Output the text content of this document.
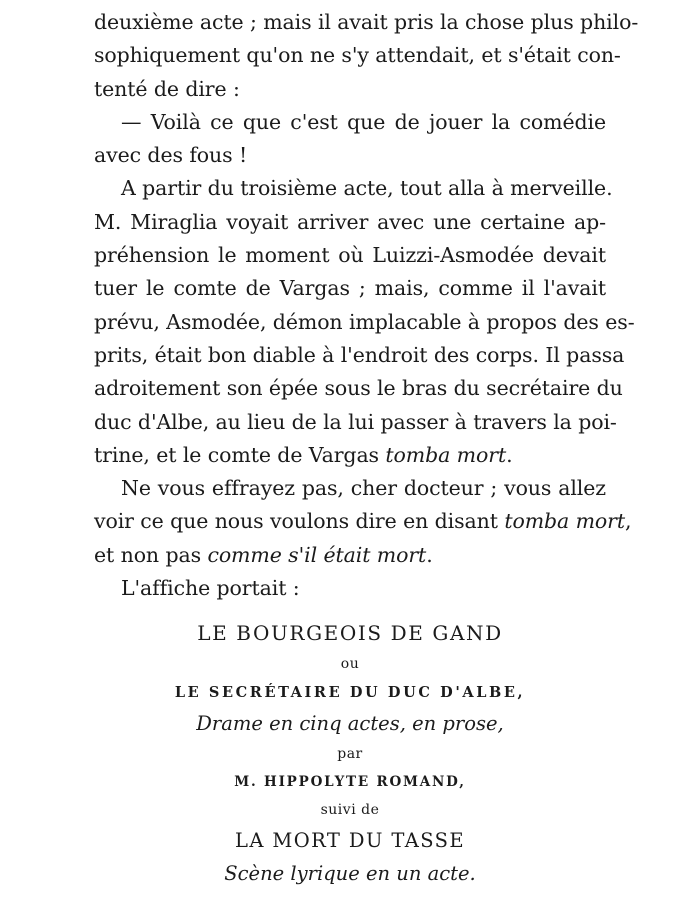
deuxième acte ; mais il avait pris la chose plus philo-
sophiquement qu'on ne s'y attendait, et s'était con-
tenté de dire :
— Voilà ce que c'est que de jouer la comédie
avec des fous !
A partir du troisième acte, tout alla à merveille.
M. Miraglia voyait arriver avec une certaine ap-
préhension le moment où Luizzi-Asmodée devait
tuer le comte de Vargas ; mais, comme il l'avait
prévu, Asmodée, démon implacable à propos des es-
prits, était bon diable à l'endroit des corps. Il passa
adroitement son épée sous le bras du secrétaire du
duc d'Albe, au lieu de la lui passer à travers la poi-
trine, et le comte de Vargas tomba mort.
Ne vous effrayez pas, cher docteur ; vous allez
voir ce que nous voulons dire en disant tomba mort,
et non pas comme s'il était mort.
L'affiche portait :
LE BOURGEOIS DE GAND
ou
LE SECRÉTAIRE DU DUC D'ALBE,
Drame en cinq actes, en prose,
par
M. HIPPOLYTE ROMAND,
suivi de
LA MORT DU TASSE
Scène lyrique en un acte.
